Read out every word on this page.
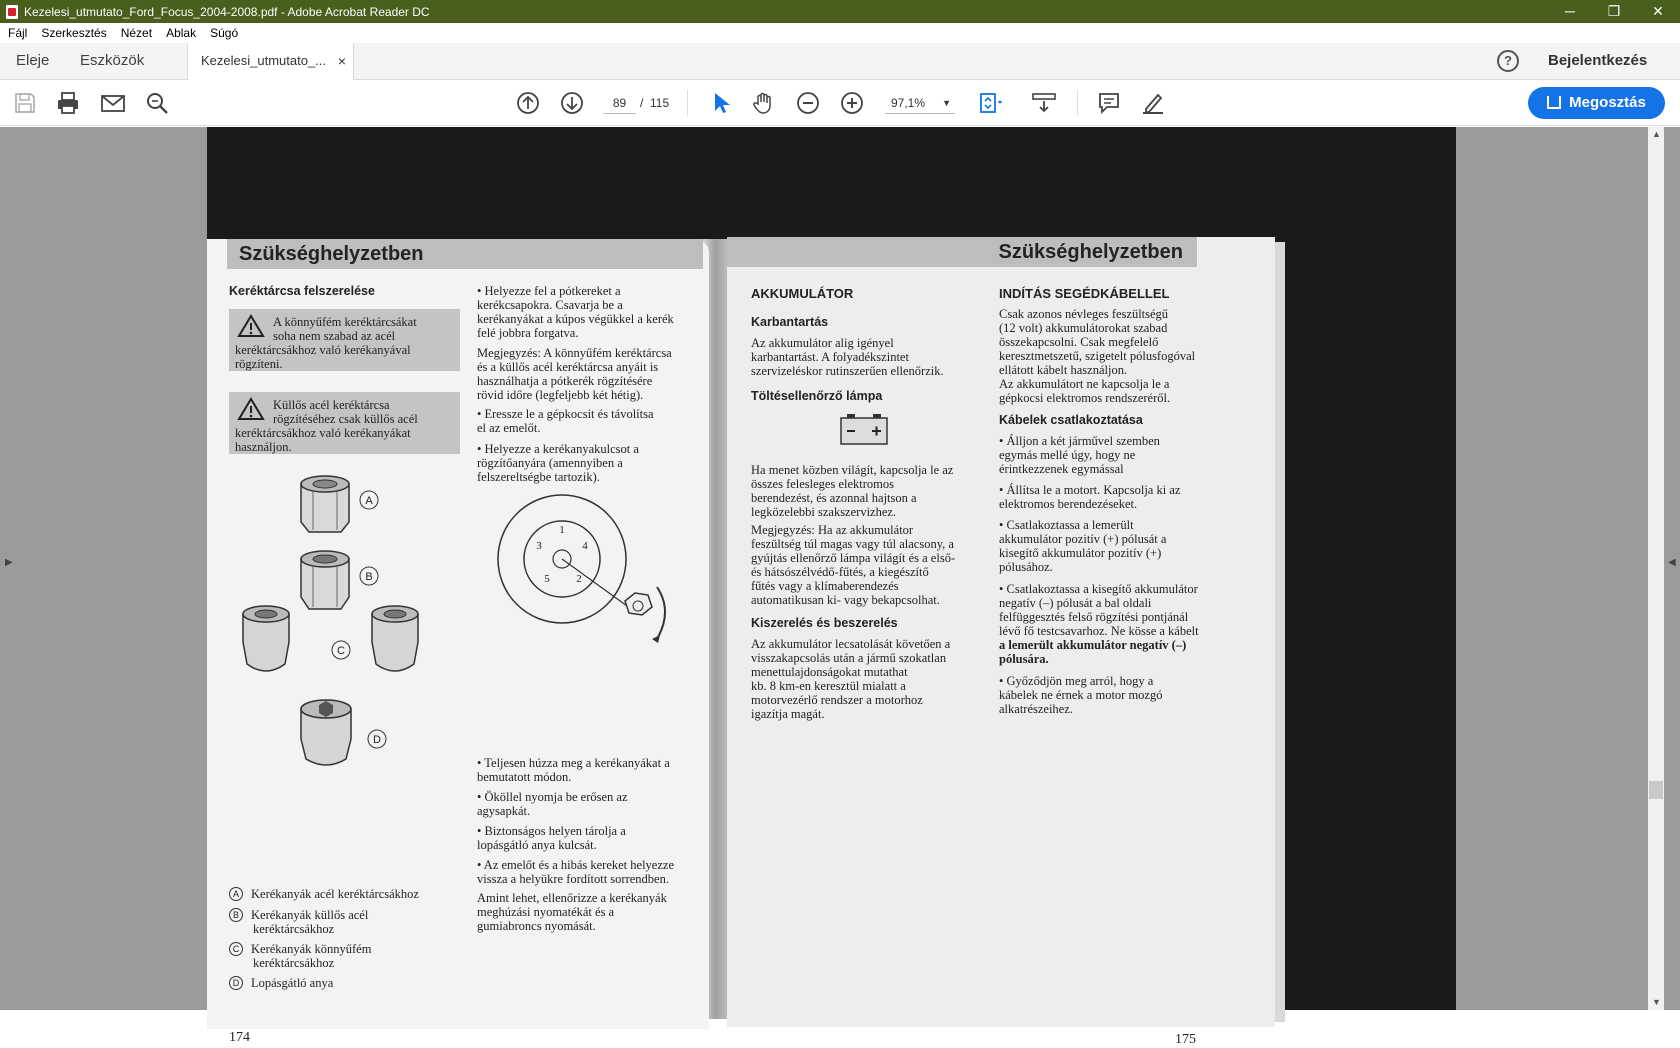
Kezelesi_utmutato_Ford_Focus_2004-2008.pdf - Adobe Acrobat Reader DC	─	❐	✕
Fájl Szerkesztés Nézet Ablak Súgó
Eleje Eszközök	Kezelesi_utmutato_... ×	?	Bejelentkezés
89	/ 115	97,1% ▼	Megosztás
▶	◀
Szükséghelyzetben
Keréktárcsa felszerelése
A könnyűfém keréktárcsákat
soha nem szabad az acél
keréktárcsákhoz való kerékanyával
rögzíteni.
Küllős acél keréktárcsa
rögzítéséhez csak küllős acél
keréktárcsákhoz való kerékanyákat
használjon.
A
B
C
D
A Kerékanyák acél keréktárcsákhoz
B Kerékanyák küllős acél
keréktárcsákhoz
C Kerékanyák könnyűfém
keréktárcsákhoz
D Lopásgátló anya
• Helyezze fel a pótkereket a
kerékcsapokra. Csavarja be a
kerékanyákat a kúpos végükkel a kerék
felé jobbra forgatva.
Megjegyzés: A könnyűfém keréktárcsa
és a küllős acél keréktárcsa anyáit is
használhatja a pótkerék rögzítésére
rövid időre (legfeljebb két hétig).
• Eressze le a gépkocsit és távolítsa
el az emelőt.
• Helyezze a kerékanyakulcsot a
rögzítőanyára (amennyiben a
felszereltségbe tartozik).
1
4
2
5
3
• Teljesen húzza meg a kerékanyákat a
bemutatott módon.
• Ököllel nyomja be erősen az
agysapkát.
• Biztonságos helyen tárolja a
lopásgátló anya kulcsát.
• Az emelőt és a hibás kereket helyezze
vissza a helyükre fordított sorrendben.
Amint lehet, ellenőrizze a kerékanyák
meghúzási nyomatékát és a
gumiabroncs nyomását.
174
Szükséghelyzetben
AKKUMULÁTOR
Karbantartás
Az akkumulátor alig igényel
karbantartást. A folyadékszintet
szervizeléskor rutinszerűen ellenőrzik.
Töltésellenőrző lámpa
Ha menet közben világít, kapcsolja le az
összes felesleges elektromos
berendezést, és azonnal hajtson a
legközelebbi szakszervizhez.
Megjegyzés: Ha az akkumulátor
feszültség túl magas vagy túl alacsony, a
gyújtás ellenőrző lámpa világít és a első-
és hátsószélvédő-fűtés, a kiegészítő
fűtés vagy a klímaberendezés
automatikusan ki- vagy bekapcsolhat.
Kiszerelés és beszerelés
Az akkumulátor lecsatolását követően a
visszakapcsolás után a jármű szokatlan
menettulajdonságokat mutathat
kb. 8 km-en keresztül mialatt a
motorvezérlő rendszer a motorhoz
igazítja magát.
INDÍTÁS SEGÉDKÁBELLEL
Csak azonos névleges feszültségű
(12 volt) akkumulátorokat szabad
összekapcsolni. Csak megfelelő
keresztmetszetű, szigetelt pólusfogóval
ellátott kábelt használjon.
Az akkumulátort ne kapcsolja le a
gépkocsi elektromos rendszeréről.
Kábelek csatlakoztatása
• Álljon a két járművel szemben
egymás mellé úgy, hogy ne
érintkezzenek egymással
• Állítsa le a motort. Kapcsolja ki az
elektromos berendezéseket.
• Csatlakoztassa a lemerült
akkumulátor pozitív (+) pólusát a
kisegítő akkumulátor pozitív (+)
pólusához.
• Csatlakoztassa a kisegítő akkumulátor
negatív (–) pólusát a bal oldali
felfüggesztés felső rögzítési pontjánál
lévő fő testcsavarhoz. Ne kösse a kábelt
a lemerült akkumulátor negatív (–)
pólusára.
• Győződjön meg arról, hogy a
kábelek ne érnek a motor mozgó
alkatrészeihez.
175
▲
▼
